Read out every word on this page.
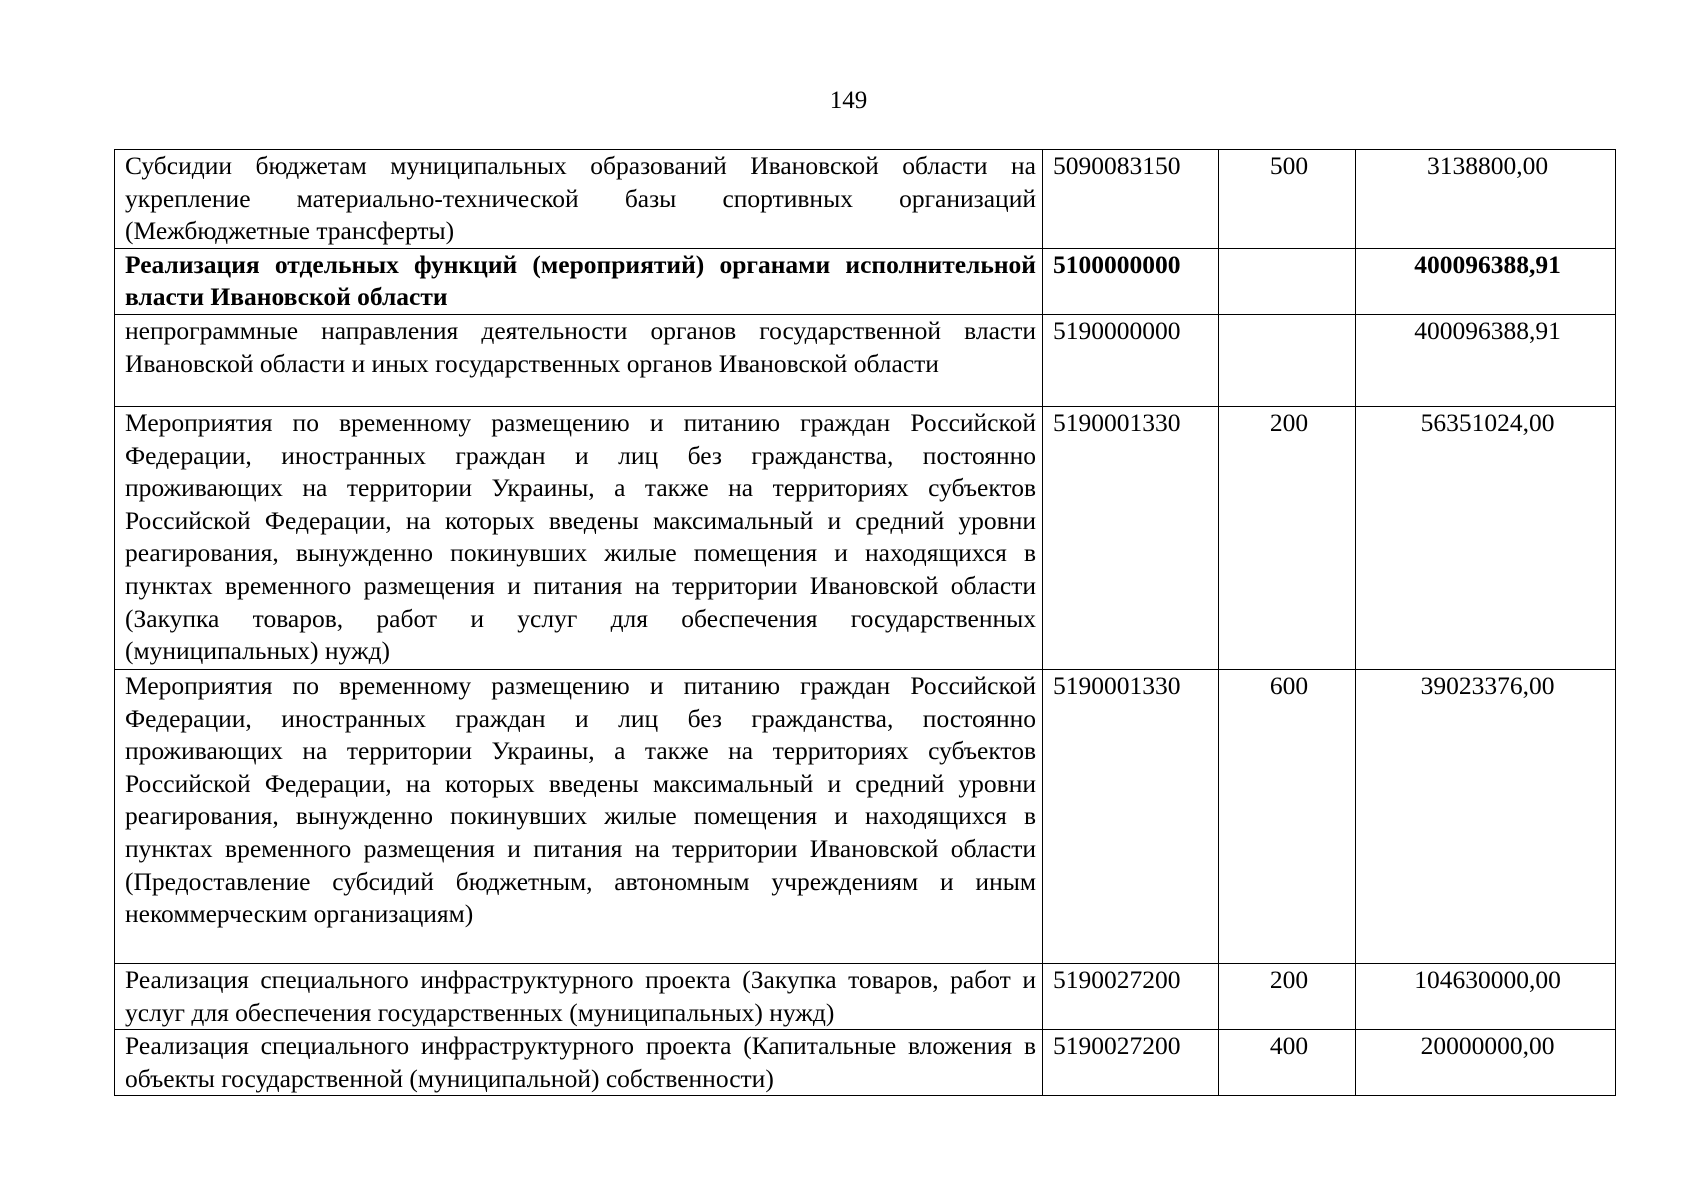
149
Субсидии бюджетам муниципальных образований Ивановской области на укрепление материально-технической базы спортивных организаций (Межбюджетные трансферты)	5090083150	500	3138800,00
Реализация отдельных функций (мероприятий) органами исполнительной власти Ивановской области	5100000000		400096388,91
непрограммные направления деятельности органов государственной власти Ивановской области и иных государственных органов Ивановской области	5190000000		400096388,91
Мероприятия по временному размещению и питанию граждан Российской Федерации, иностранных граждан и лиц без гражданства, постоянно проживающих на территории Украины, а также на территориях субъектов Российской Федерации, на которых введены максимальный и средний уровни реагирования, вынужденно покинувших жилые помещения и находящихся в пунктах временного размещения и питания на территории Ивановской области (Закупка товаров, работ и услуг для обеспечения государственных (муниципальных) нужд)	5190001330	200	56351024,00
Мероприятия по временному размещению и питанию граждан Российской Федерации, иностранных граждан и лиц без гражданства, постоянно проживающих на территории Украины, а также на территориях субъектов Российской Федерации, на которых введены максимальный и средний уровни реагирования, вынужденно покинувших жилые помещения и находящихся в пунктах временного размещения и питания на территории Ивановской области (Предоставление субсидий бюджетным, автономным учреждениям и иным некоммерческим организациям)	5190001330	600	39023376,00
Реализация специального инфраструктурного проекта (Закупка товаров, работ и услуг для обеспечения государственных (муниципальных) нужд)	5190027200	200	104630000,00
Реализация специального инфраструктурного проекта (Капитальные вложения в объекты государственной (муниципальной) собственности)	5190027200	400	20000000,00
